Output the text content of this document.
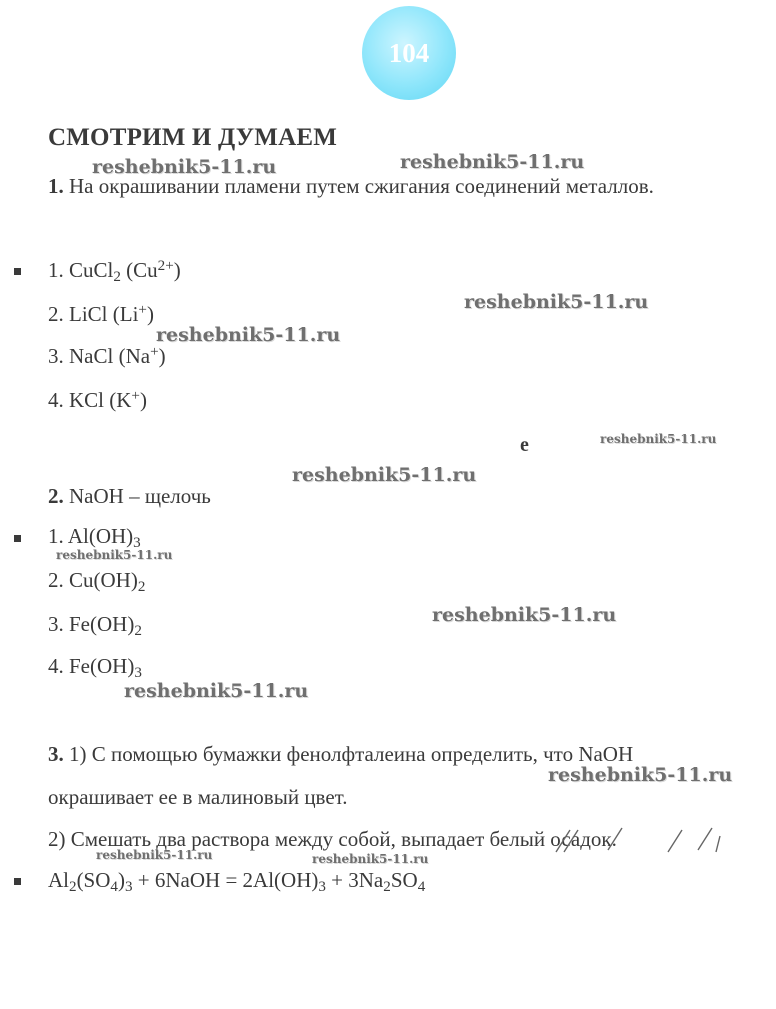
104
СМОТРИМ И ДУМАЕМ
1. На окрашивании пламени путем сжигания соединений металлов.
1. CuCl$_2$ $(Cu^{2+})$
2. LiCl (Li+)
3. NaCl (Na+)
4. KCl (K+)
е
2. NaOH – щелочь
1. $Al(OH)_3$
2. $Cu(OH)_2$
3. $Fe(OH)_2$
4. $Fe(OH)_3$
3. 1) С помощью бумажки фенолфталеина определить, что NaOH
окрашивает ее в малиновый цвет.
2) Смешать два раствора между собой, выпадает белый осадок.
$Al_2(SO_4)_3$ + 6NaOH = $2Al(OH)_3 + 3Na_2SO_4$
reshebnik5-11.ru	reshebnik5-11.ru
reshebnik5-11.ru
reshebnik5-11.ru
reshebnik5-11.ru
reshebnik5-11.ru
reshebnik5-11.ru
reshebnik5-11.ru
reshebnik5-11.ru
reshebnik5-11.ru
reshebnik5-11.ru	reshebnik5-11.ru
